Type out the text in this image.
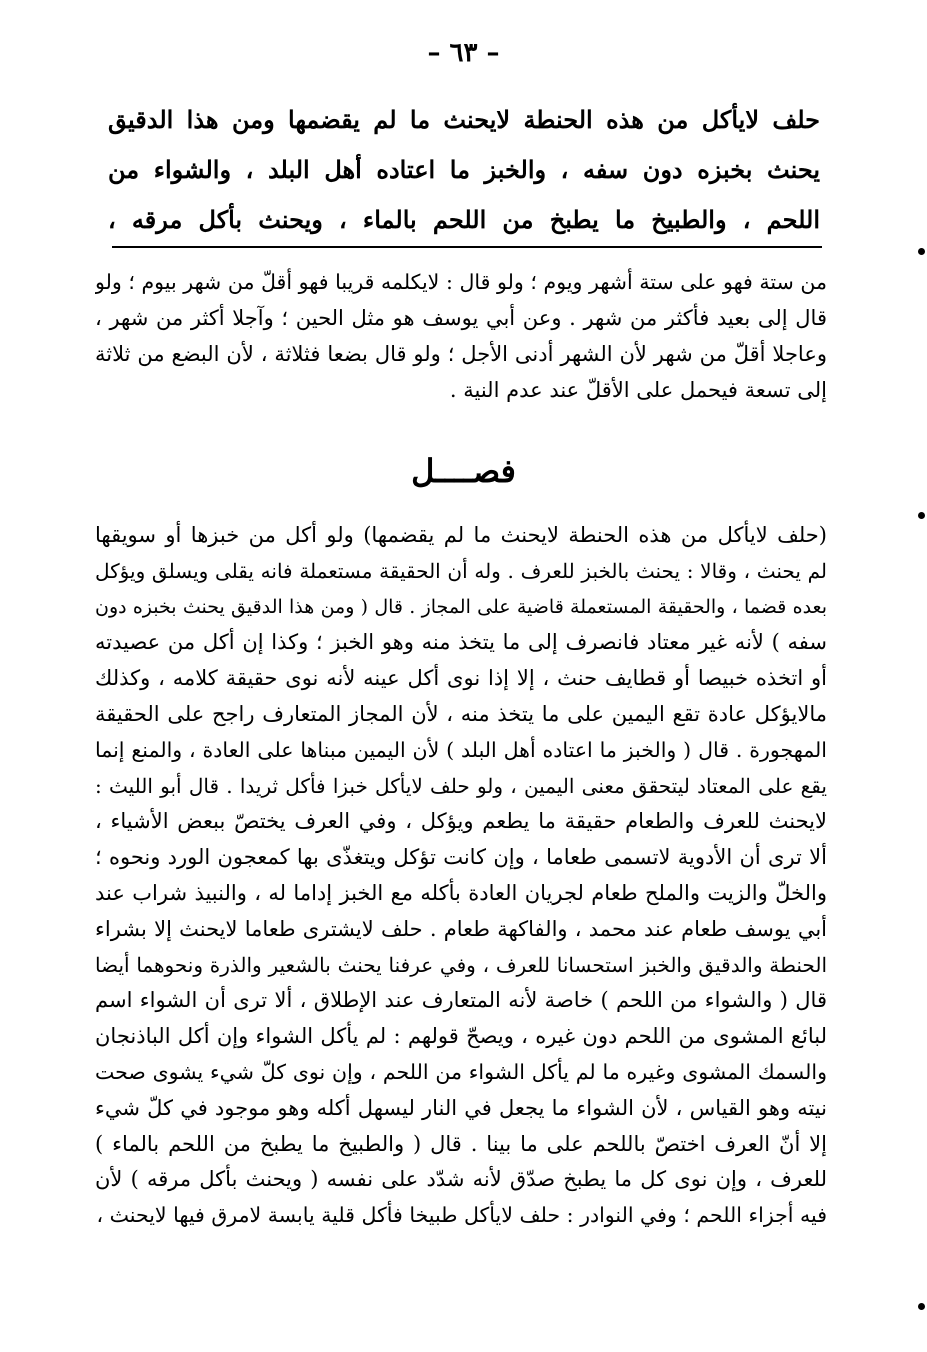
– ٦٣ –
حلف لايأكل من هذه الحنطة لايحنث ما لم يقضمها ومن هذا الدقيق
يحنث بخبزه دون سفه ، والخبز ما اعتاده أهل البلد ، والشواء من
اللحم ، والطبيخ ما يطبخ من اللحم بالماء ، ويحنث بأكل مرقه ،
من ستة فهو على ستة أشهر ويوم ؛ ولو قال : لايكلمه قريبا فهو أقلّ من شهر بيوم ؛ ولو
قال إلى بعيد فأكثر من شهر . وعن أبي يوسف هو مثل الحين ؛ وآجلا أكثر من شهر ،
وعاجلا أقلّ من شهر لأن الشهر أدنى الأجل ؛ ولو قال بضعا فثلاثة ، لأن البضع من ثلاثة
إلى تسعة فيحمل على الأقلّ عند عدم النية .
فصــــل
(حلف لايأكل من هذه الحنطة لايحنث ما لم يقضمها) ولو أكل من خبزها أو سويقها
لم يحنث ، وقالا : يحنث بالخبز للعرف . وله أن الحقيقة مستعملة فانه يقلى ويسلق ويؤكل
بعده قضما ، والحقيقة المستعملة قاضية على المجاز . قال ( ومن هذا الدقيق يحنث بخبزه دون
سفه ) لأنه غير معتاد فانصرف إلى ما يتخذ منه وهو الخبز ؛ وكذا إن أكل من عصيدته
أو اتخذه خبيصا أو قطايف حنث ، إلا إذا نوى أكل عينه لأنه نوى حقيقة كلامه ، وكذلك
مالايؤكل عادة تقع اليمين على ما يتخذ منه ، لأن المجاز المتعارف راجح على الحقيقة
المهجورة . قال ( والخبز ما اعتاده أهل البلد ) لأن اليمين مبناها على العادة ، والمنع إنما
يقع على المعتاد ليتحقق معنى اليمين ، ولو حلف لايأكل خبزا فأكل ثريدا . قال أبو الليث :
لايحنث للعرف والطعام حقيقة ما يطعم ويؤكل ، وفي العرف يختصّ ببعض الأشياء ،
ألا ترى أن الأدوية لاتسمى طعاما ، وإن كانت تؤكل ويتغذّى بها كمعجون الورد ونحوه ؛
والخلّ والزيت والملح طعام لجريان العادة بأكله مع الخبز إداما له ، والنبيذ شراب عند
أبي يوسف طعام عند محمد ، والفاكهة طعام . حلف لايشترى طعاما لايحنث إلا بشراء
الحنطة والدقيق والخبز استحسانا للعرف ، وفي عرفنا يحنث بالشعير والذرة ونحوهما أيضا
قال ( والشواء من اللحم ) خاصة لأنه المتعارف عند الإطلاق ، ألا ترى أن الشواء اسم
لبائع المشوى من اللحم دون غيره ، ويصحّ قولهم : لم يأكل الشواء وإن أكل الباذنجان
والسمك المشوى وغيره ما لم يأكل الشواء من اللحم ، وإن نوى كلّ شيء يشوى صحت
نيته وهو القياس ، لأن الشواء ما يجعل في النار ليسهل أكله وهو موجود في كلّ شيء
إلا أنّ العرف اختصّ باللحم على ما بينا . قال ( والطبيخ ما يطبخ من اللحم بالماء )
للعرف ، وإن نوى كل ما يطبخ صدّق لأنه شدّد على نفسه ( ويحنث بأكل مرقه ) لأن
فيه أجزاء اللحم ؛ وفي النوادر : حلف لايأكل طبيخا فأكل قلية يابسة لامرق فيها لايحنث ،
